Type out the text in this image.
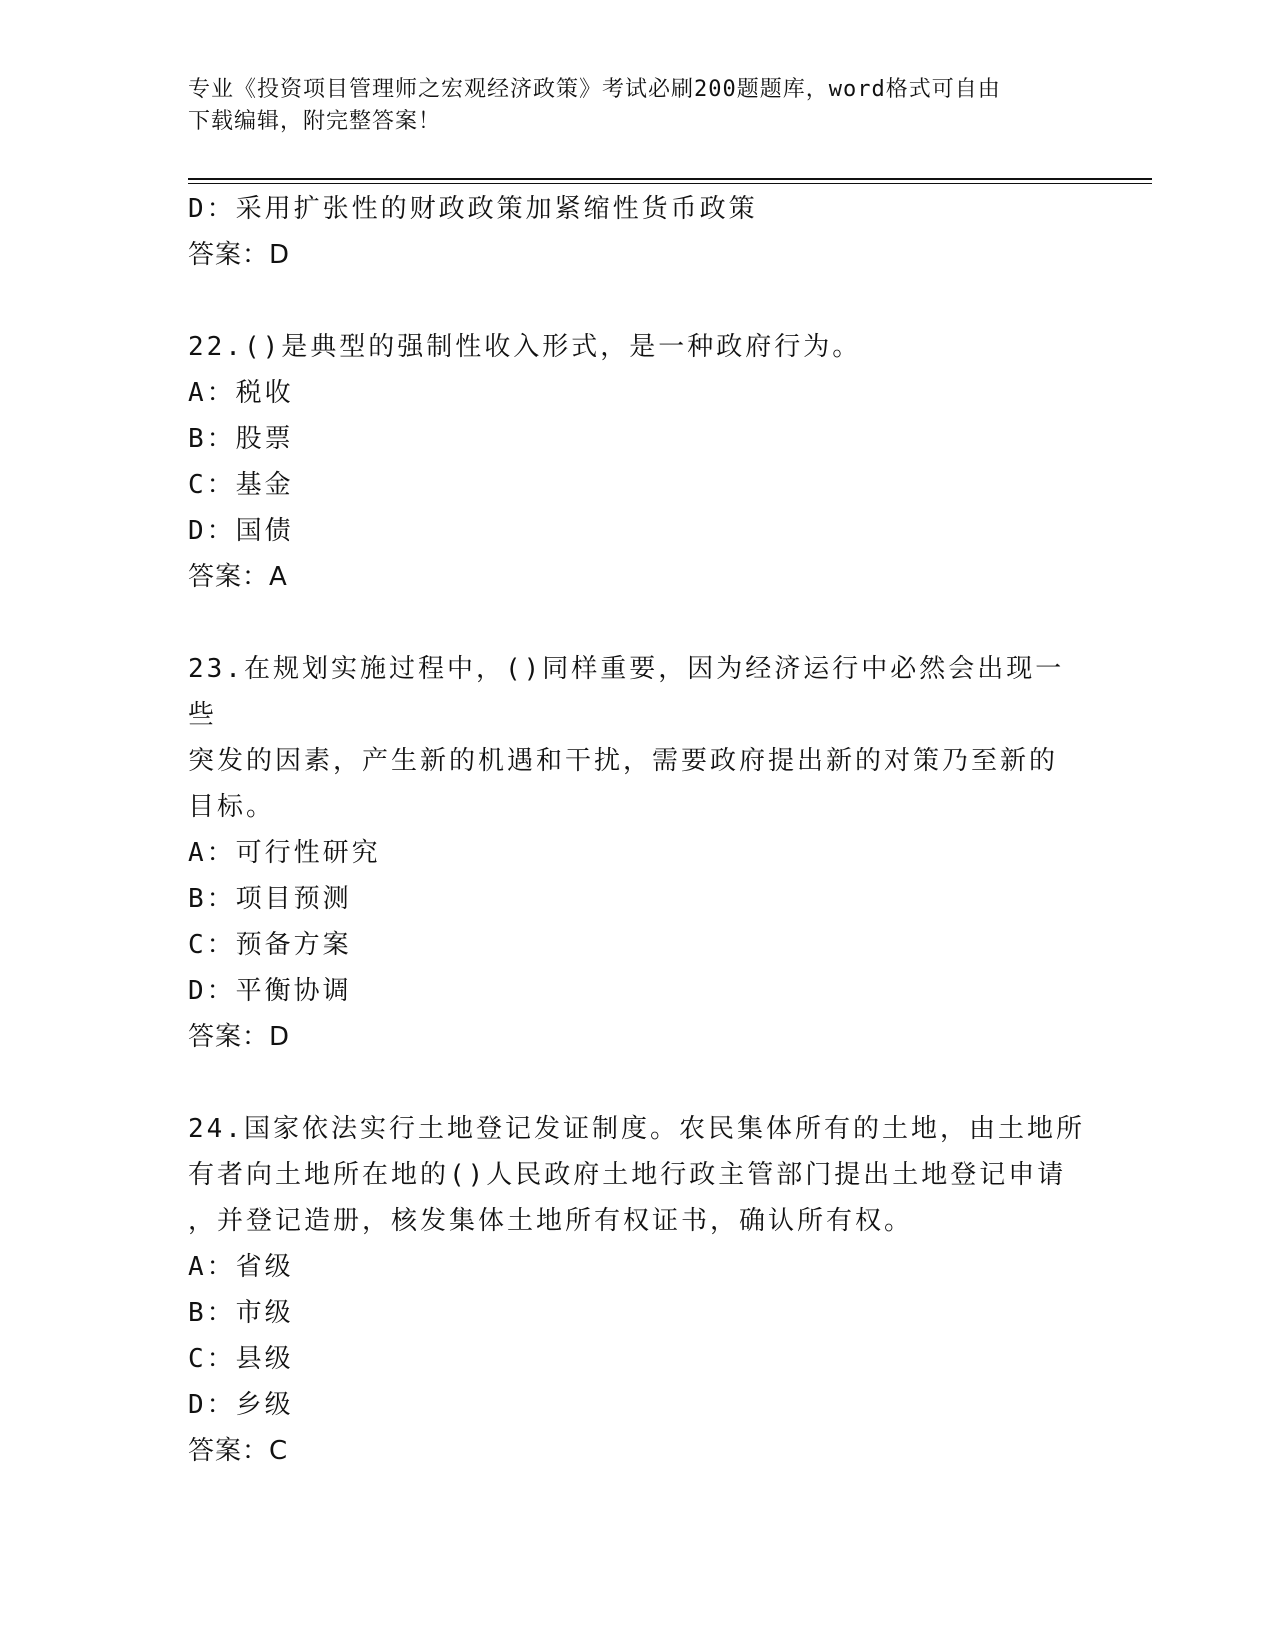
专业《投资项目管理师之宏观经济政策》考试必刷200题题库，word格式可自由
下载编辑，附完整答案！
D：采用扩张性的财政政策加紧缩性货币政策
答案：D
22.()是典型的强制性收入形式，是一种政府行为。
A：税收
B：股票
C：基金
D：国债
答案：A
23.在规划实施过程中，()同样重要，因为经济运行中必然会出现一些
突发的因素，产生新的机遇和干扰，需要政府提出新的对策乃至新的
目标。
A：可行性研究
B：项目预测
C：预备方案
D：平衡协调
答案：D
24.国家依法实行土地登记发证制度。农民集体所有的土地，由土地所
有者向土地所在地的()人民政府土地行政主管部门提出土地登记申请
，并登记造册，核发集体土地所有权证书，确认所有权。
A：省级
B：市级
C：县级
D：乡级
答案：C
